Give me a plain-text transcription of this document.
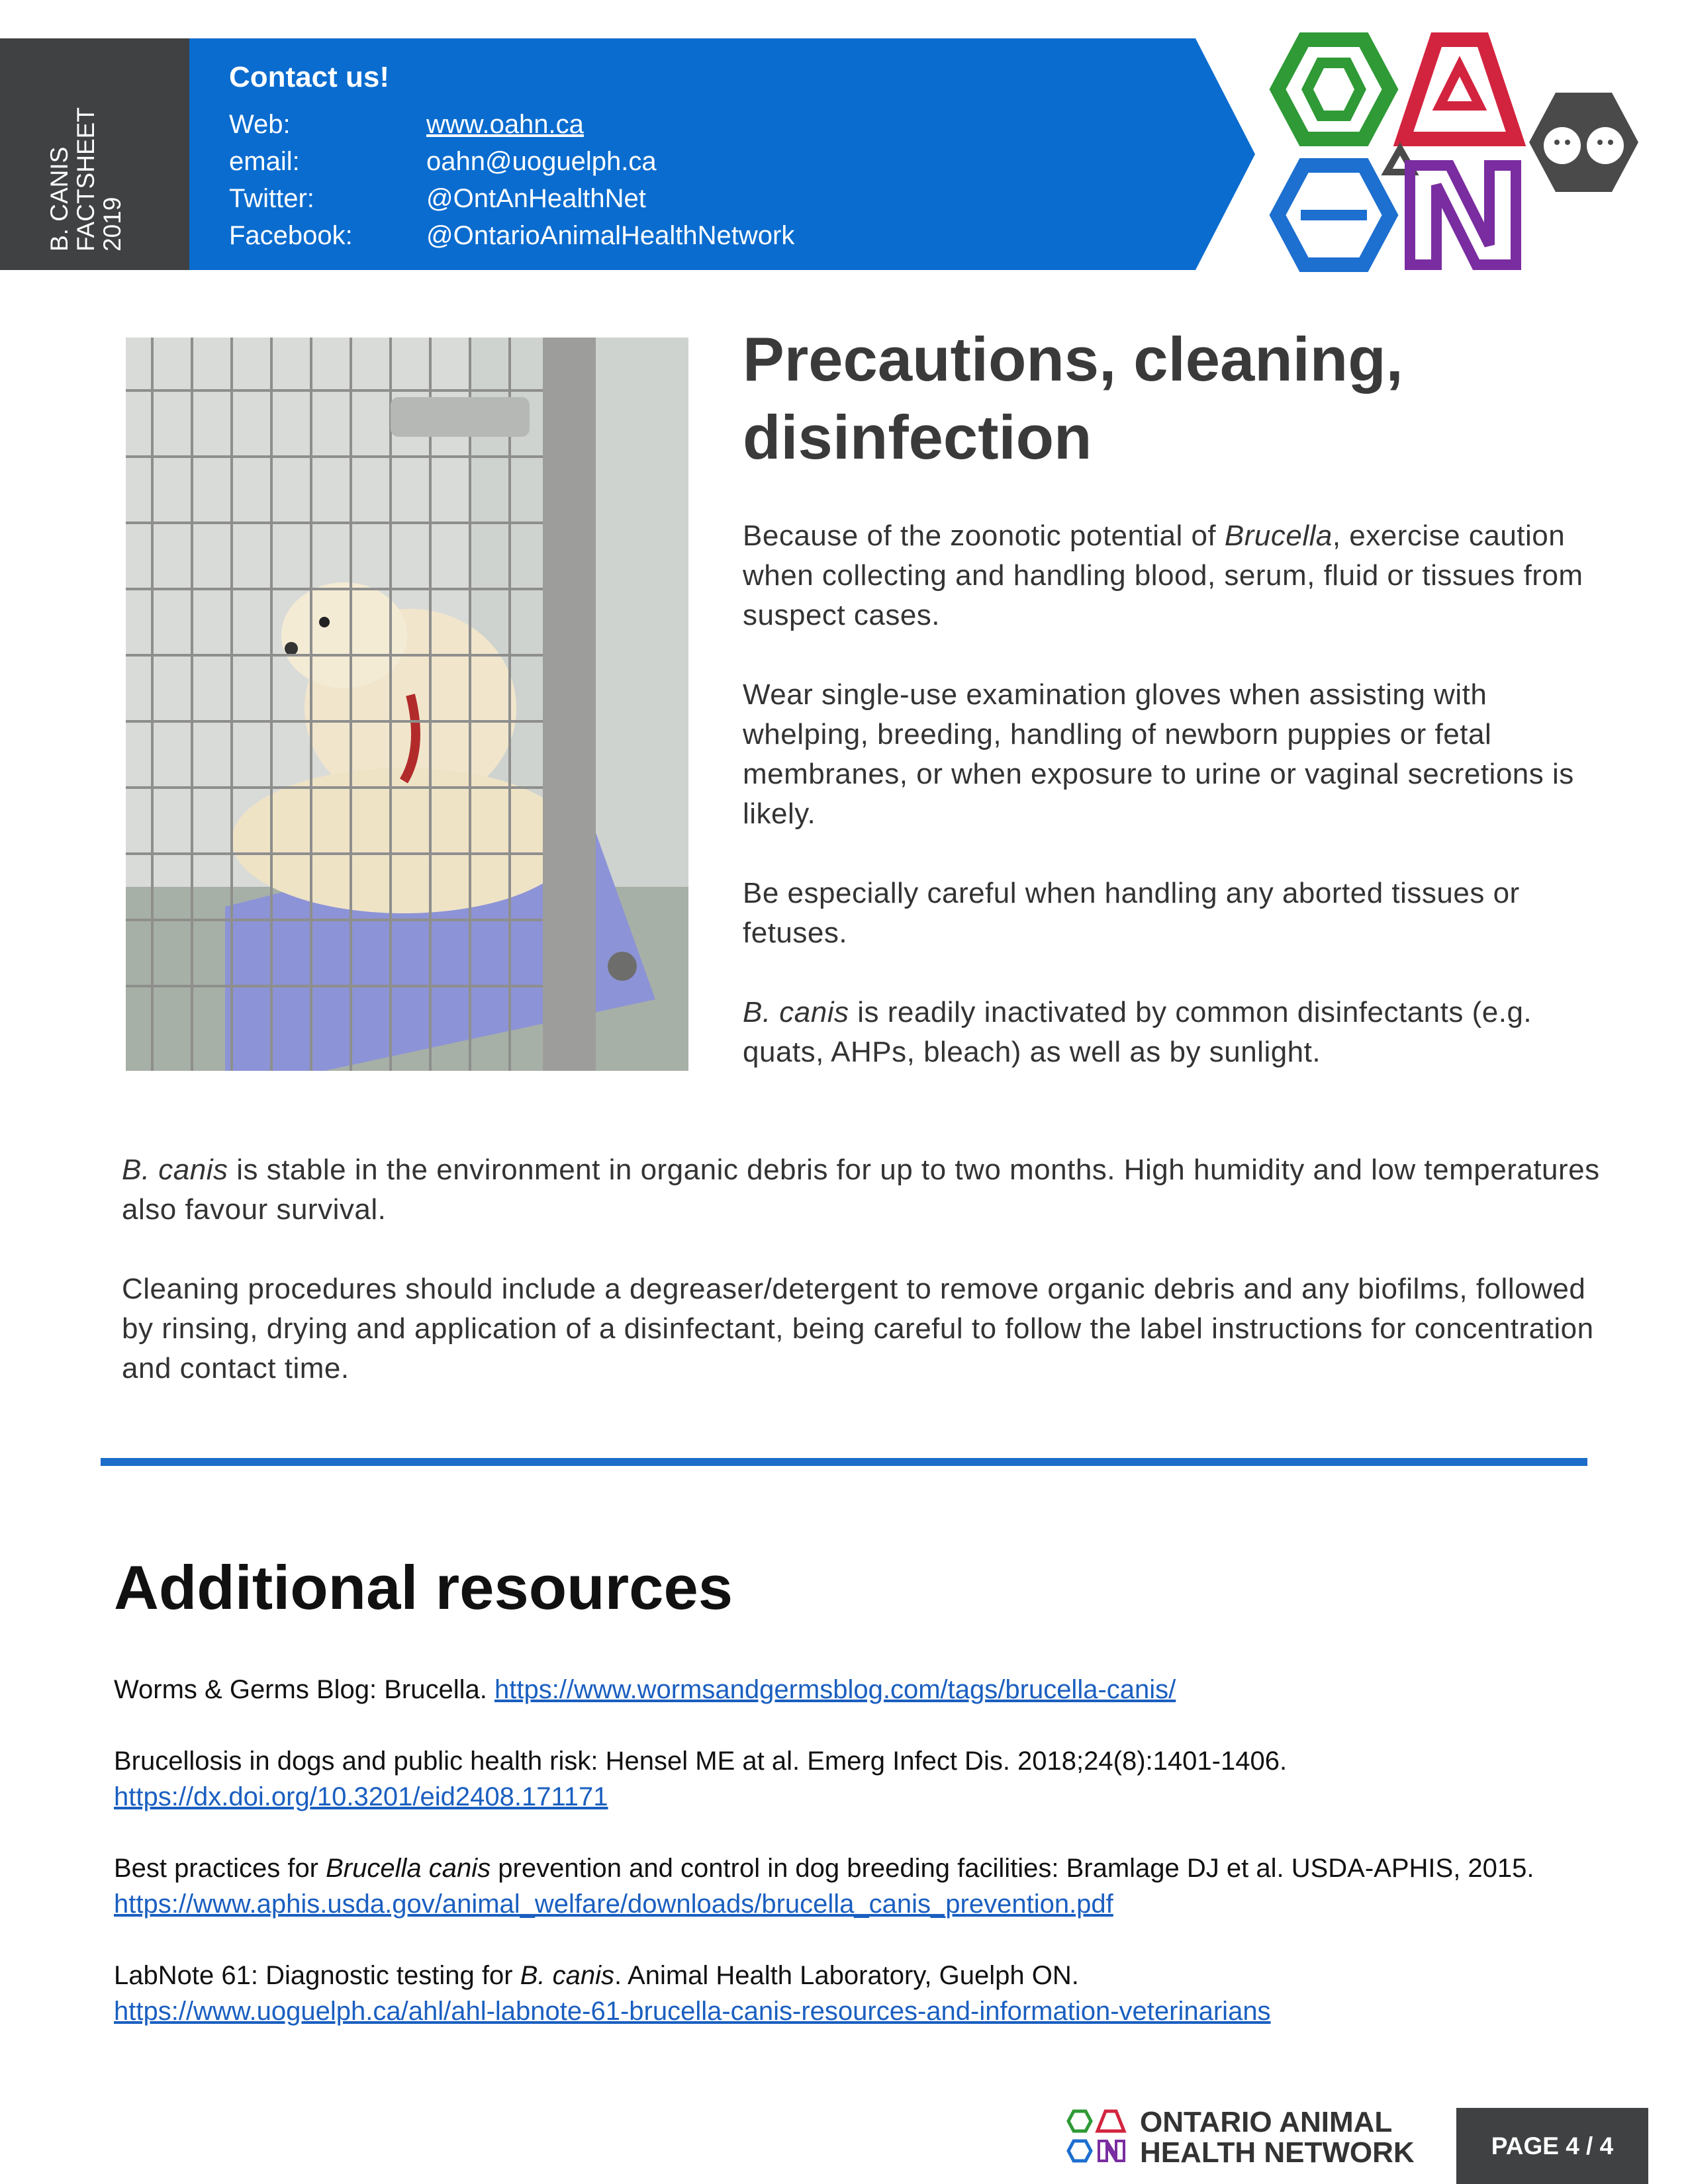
B. CANIS FACTSHEET 2019
Contact us!
Web:	www.oahn.ca
email:	oahn@uoguelph.ca
Twitter:	@OntAnHealthNet
Facebook:	@OntarioAnimalHealthNetwork
Precautions, cleaning,
disinfection
Because of the zoonotic potential of Brucella, exercise caution when collecting and handling blood, serum, fluid or tissues from suspect cases.
Wear single-use examination gloves when assisting with whelping, breeding, handling of newborn puppies or fetal membranes, or when exposure to urine or vaginal secretions is likely.
Be especially careful when handling any aborted tissues or fetuses.
B. canis is readily inactivated by common disinfectants (e.g. quats, AHPs, bleach) as well as by sunlight.
B. canis is stable in the environment in organic debris for up to two months. High humidity and low temperatures also favour survival.
Cleaning procedures should include a degreaser/detergent to remove organic debris and any biofilms, followed by rinsing, drying and application of a disinfectant, being careful to follow the label instructions for concentration and contact time.
Additional resources
Worms & Germs Blog: Brucella. https://www.wormsandgermsblog.com/tags/brucella-canis/
Brucellosis in dogs and public health risk: Hensel ME at al. Emerg Infect Dis. 2018;24(8):1401-1406.
https://dx.doi.org/10.3201/eid2408.171171
Best practices for Brucella canis prevention and control in dog breeding facilities: Bramlage DJ et al. USDA-APHIS, 2015. https://www.aphis.usda.gov/animal_welfare/downloads/brucella_canis_prevention.pdf
LabNote 61: Diagnostic testing for B. canis. Animal Health Laboratory, Guelph ON.
https://www.uoguelph.ca/ahl/ahl-labnote-61-brucella-canis-resources-and-information-veterinarians
ONTARIO ANIMAL
HEALTH NETWORK	PAGE 4 / 4
